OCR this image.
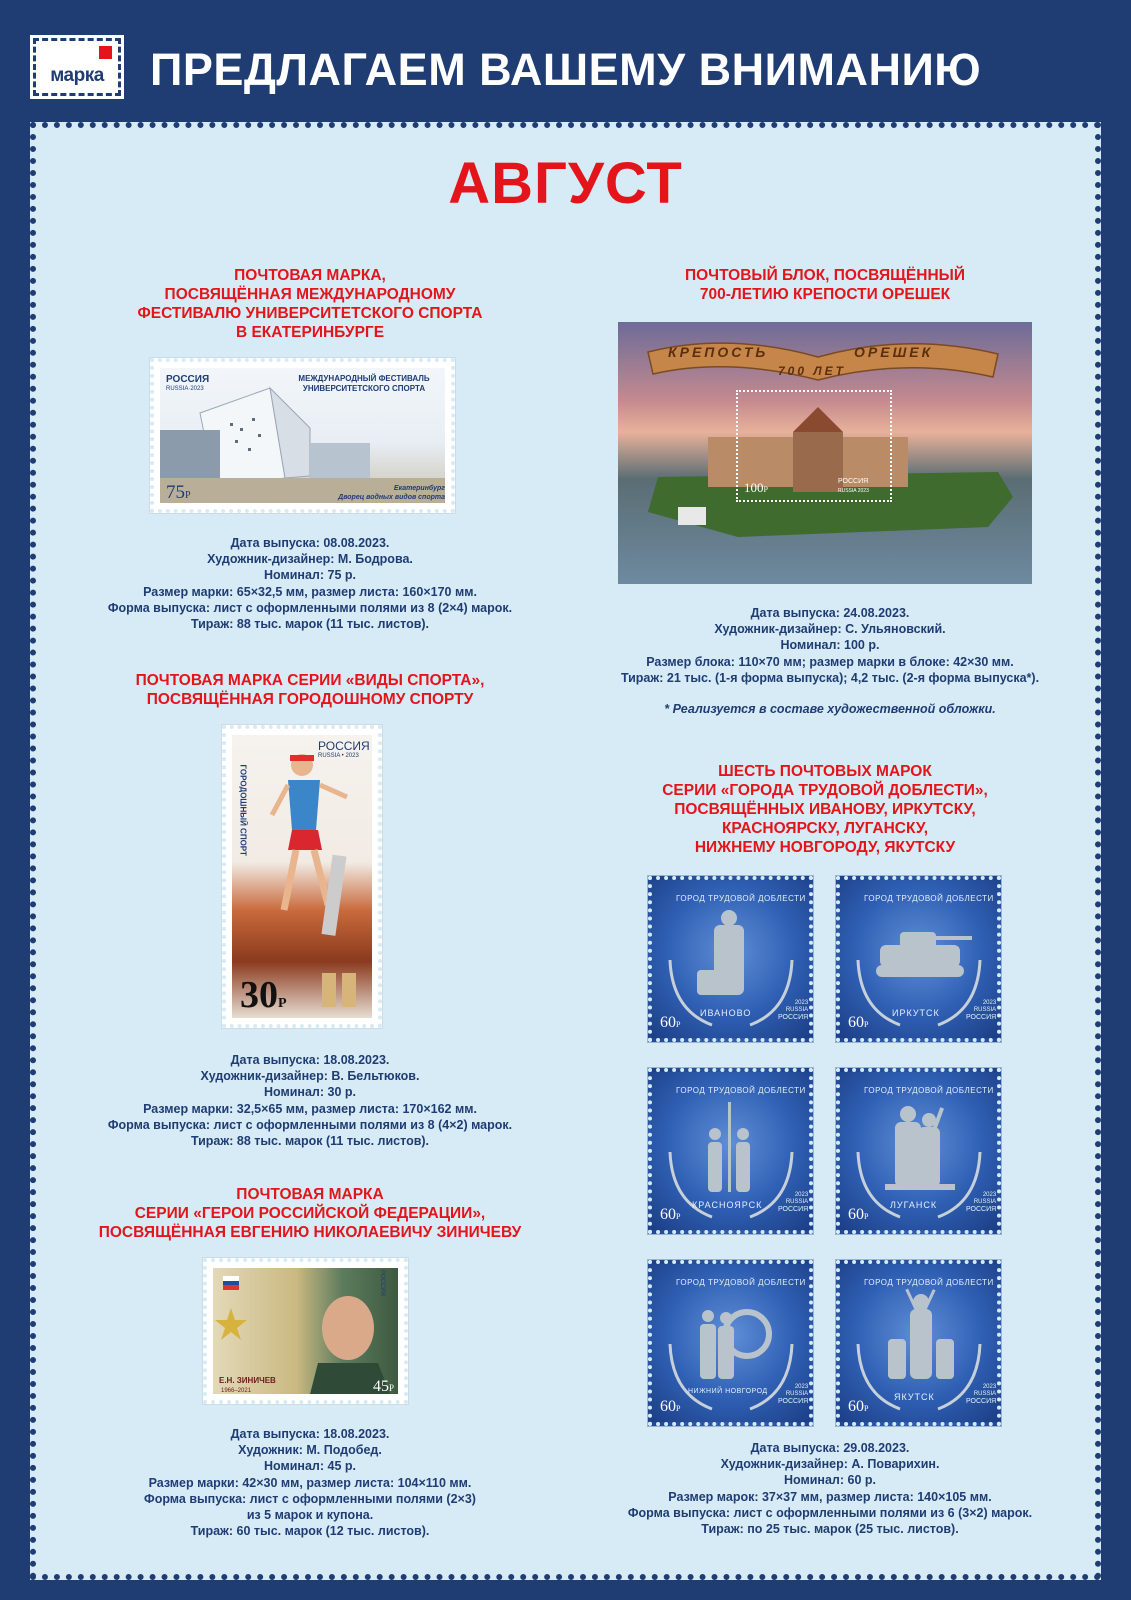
марка	ПРЕДЛАГАЕМ ВАШЕМУ ВНИМАНИЮ
АВГУСТ
ПОЧТОВАЯ МАРКА,
ПОСВЯЩЁННАЯ МЕЖДУНАРОДНОМУ
ФЕСТИВАЛЮ УНИВЕРСИТЕТСКОГО СПОРТА
В ЕКАТЕРИНБУРГЕ
РОССИЯ
RUSSIA·2023
МЕЖДУНАРОДНЫЙ ФЕСТИВАЛЬ
УНИВЕРСИТЕТСКОГО СПОРТА
Екатеринбург
Дворец водных видов спорта
75Р
Дата выпуска: 08.08.2023.
Художник-дизайнер: М. Бодрова.
Номинал: 75 р.
Размер марки: 65×32,5 мм, размер листа: 160×170 мм.
Форма выпуска: лист с оформленными полями из 8 (2×4) марок.
Тираж: 88 тыс. марок (11 тыс. листов).
ПОЧТОВАЯ МАРКА СЕРИИ «ВИДЫ СПОРТА»,
ПОСВЯЩЁННАЯ ГОРОДОШНОМУ СПОРТУ
РОССИЯ
RUSSIA • 2023
ГОРОДОШНЫЙ СПОРТ
30Р
Дата выпуска: 18.08.2023.
Художник-дизайнер: В. Бельтюков.
Номинал: 30 р.
Размер марки: 32,5×65 мм, размер листа: 170×162 мм.
Форма выпуска: лист с оформленными полями из 8 (4×2) марок.
Тираж: 88 тыс. марок (11 тыс. листов).
ПОЧТОВАЯ МАРКА
СЕРИИ «ГЕРОИ РОССИЙСКОЙ ФЕДЕРАЦИИ»,
ПОСВЯЩЁННАЯ ЕВГЕНИЮ НИКОЛАЕВИЧУ ЗИНИЧЕВУ
РОССИЯ
Е.Н. ЗИНИЧЕВ
1966–2021	45Р
Дата выпуска: 18.08.2023.
Художник: М. Подобед.
Номинал: 45 р.
Размер марки: 42×30 мм, размер листа: 104×110 мм.
Форма выпуска: лист с оформленными полями (2×3)
из 5 марок и купона.
Тираж: 60 тыс. марок (12 тыс. листов).
ПОЧТОВЫЙ БЛОК, ПОСВЯЩЁННЫЙ
700-ЛЕТИЮ КРЕПОСТИ ОРЕШЕК
КРЕПОСТЬ	ОРЕШЕК
700 ЛЕТ
100Р
РОССИЯ
RUSSIA 2023
Дата выпуска: 24.08.2023.
Художник-дизайнер: С. Ульяновский.
Номинал: 100 р.
Размер блока: 110×70 мм; размер марки в блоке: 42×30 мм.
Тираж: 21 тыс. (1-я форма выпуска); 4,2 тыс. (2-я форма выпуска*).
* Реализуется в составе художественной обложки.
ШЕСТЬ ПОЧТОВЫХ МАРОК
СЕРИИ «ГОРОДА ТРУДОВОЙ ДОБЛЕСТИ»,
ПОСВЯЩЁННЫХ ИВАНОВУ, ИРКУТСКУ,
КРАСНОЯРСКУ, ЛУГАНСКУ,
НИЖНЕМУ НОВГОРОДУ, ЯКУТСКУ
ГОРОД ТРУДОВОЙ ДОБЛЕСТИ
ИВАНОВО
60Р
2023
RUSSIA
РОССИЯ
ГОРОД ТРУДОВОЙ ДОБЛЕСТИ
ИРКУТСК
60Р
2023
RUSSIA
РОССИЯ
ГОРОД ТРУДОВОЙ ДОБЛЕСТИ
КРАСНОЯРСК
60Р
2023
RUSSIA
РОССИЯ
ГОРОД ТРУДОВОЙ ДОБЛЕСТИ
ЛУГАНСК
60Р
2023
RUSSIA
РОССИЯ
ГОРОД ТРУДОВОЙ ДОБЛЕСТИ
НИЖНИЙ НОВГОРОД
60Р
2023
RUSSIA
РОССИЯ
ГОРОД ТРУДОВОЙ ДОБЛЕСТИ
ЯКУТСК
60Р
2023
RUSSIA
РОССИЯ
Дата выпуска: 29.08.2023.
Художник-дизайнер: А. Поварихин.
Номинал: 60 р.
Размер марок: 37×37 мм, размер листа: 140×105 мм.
Форма выпуска: лист с оформленными полями из 6 (3×2) марок.
Тираж: по 25 тыс. марок (25 тыс. листов).
